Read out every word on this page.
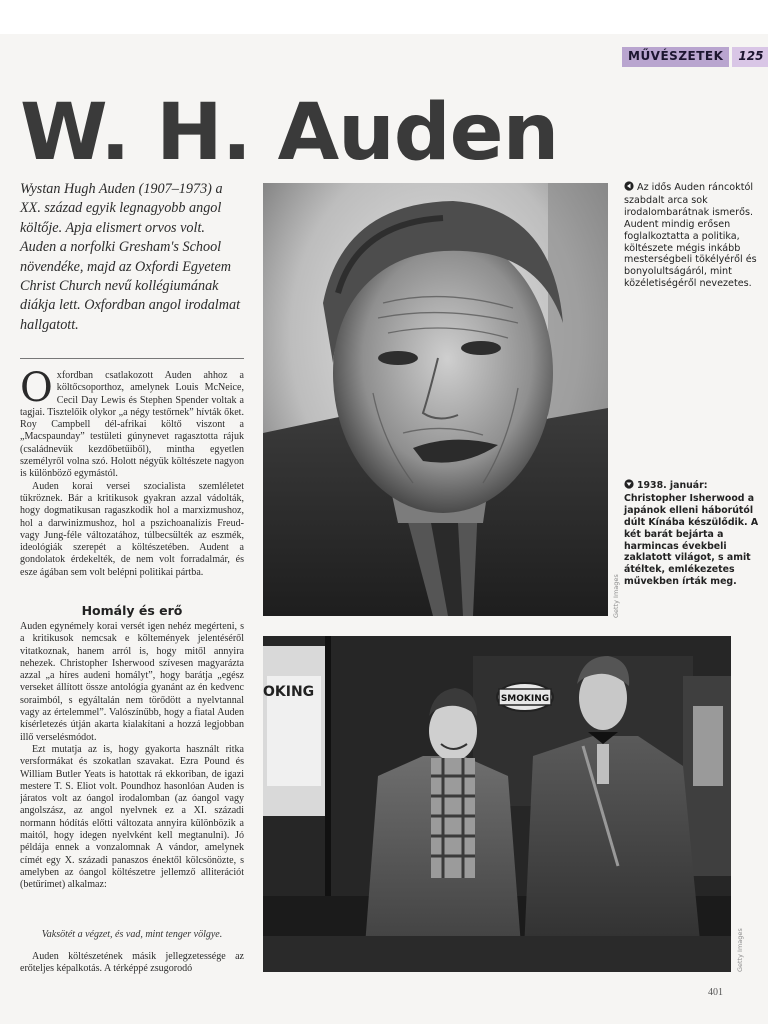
MŰVÉSZETEK	125
W. H. Auden

Wystan Hugh Auden (1907–1973) a XX. század egyik legnagyobb angol költője. Apja elismert orvos volt. Auden a norfolki Gresham's School növendéke, majd az Oxfordi Egyetem Christ Church nevű kollégiumának diákja lett. Oxfordban angol irodalmat hallgatott.

Oxfordban csatlakozott Auden ahhoz a költőcsoporthoz, amelynek Louis McNeice, Cecil Day Lewis és Stephen Spender voltak a tagjai. Tisztelőik olykor „a négy testőrnek” hívták őket. Roy Campbell dél-afrikai költő viszont a „Macspaunday” testületi gúnynevet ragasztotta rájuk (családnevük kezdőbetűiből), mintha egyetlen személyről volna szó. Holott négyük költészete nagyon is különböző egymástól.

Auden korai versei szocialista szemléletet tükröznek. Bár a kritikusok gyakran azzal vádolták, hogy dogmatikusan ragaszkodik hol a marxizmushoz, hol a darwinizmushoz, hol a pszichoanalízis Freud- vagy Jung-féle változatához, túlbecsülték az eszmék, ideológiák szerepét a költészetében. Audent a gondolatok érdekelték, de nem volt forradalmár, és esze ágában sem volt belépni politikai pártba.

Homály és erő

Auden egynémely korai versét igen nehéz megérteni, s a kritikusok nemcsak e költemények jelentéséről vitatkoznak, hanem arról is, hogy mitől annyira nehezek. Christopher Isherwood szívesen magyarázta azzal „a híres audeni homályt”, hogy barátja „egész verseket állított össze antológia gyanánt az én kedvenc soraimból, s egyáltalán nem törődött a nyelvtannal vagy az értelemmel”. Valószínűbb, hogy a fiatal Auden kísérletezés útján akarta kialakítani a hozzá legjobban illő verselésmódot.

Ezt mutatja az is, hogy gyakorta használt ritka versformákat és szokatlan szavakat. Ezra Pound és William Butler Yeats is hatottak rá ekkoriban, de igazi mestere T. S. Eliot volt. Poundhoz hasonlóan Auden is járatos volt az óangol irodalomban (az óangol vagy angolszász, az angol nyelvnek ez a XI. századi normann hódítás előtti változata annyira különbözik a maitól, hogy idegen nyelvként kell megtanulni). Jó példája ennek a vonzalomnak A vándor, amelynek címét egy X. századi panaszos énektől kölcsönözte, s amelyben az óangol költészetre jellemző alliterációt (betűrímet) alkalmaz:

Vaksötét a végzet, és vad, mint tenger völgye.

Auden költészetének másik jellegzetessége az erőteljes képalkotás. A térképpé zsugorodó

Getty Images
OKING	SMOKING
Getty Images

Az idős Auden ráncoktól szabdalt arca sok irodalombarátnak ismerős. Audent mindig erősen foglalkoztatta a politika, költészete mégis inkább mesterségbeli tökélyéről és bonyolultságáról, mint közéletiségéről nevezetes.

1938. január: Christopher Isherwood a japánok elleni háborútól dúlt Kínába készülődik. A két barát bejárta a harmincas évekbeli zaklatott világot, s amit átéltek, emlékezetes művekben írták meg.

401
